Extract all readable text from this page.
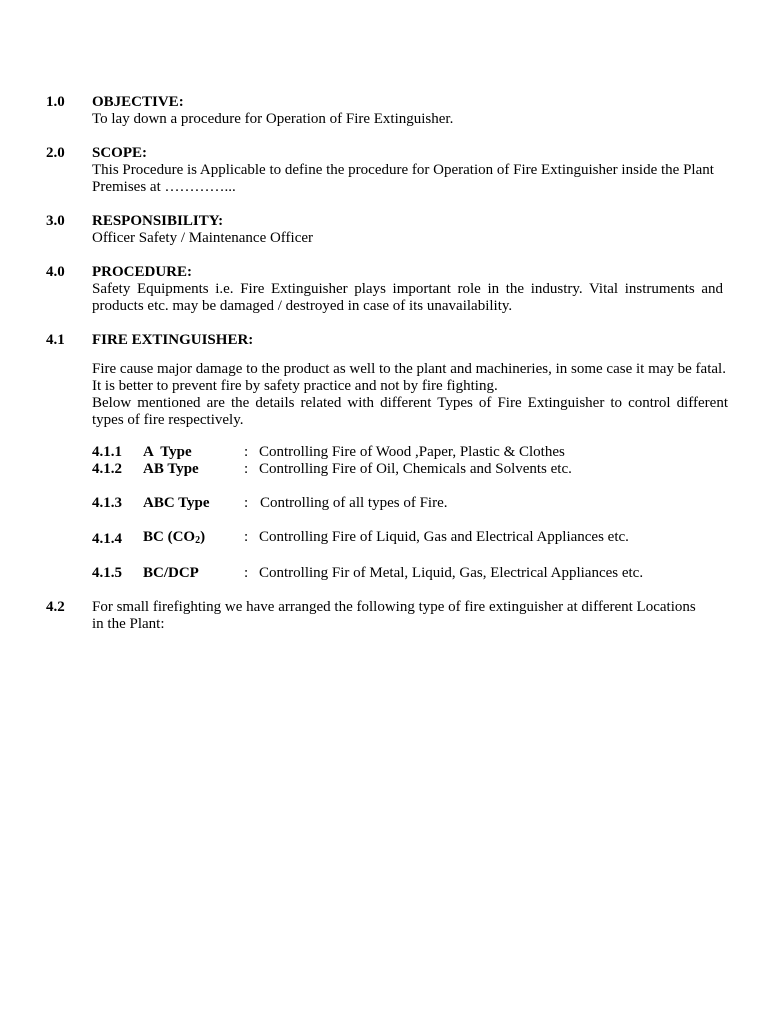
1.0 OBJECTIVE:
To lay down a procedure for Operation of Fire Extinguisher.
2.0 SCOPE:
This Procedure is Applicable to define the procedure for Operation of Fire Extinguisher inside the Plant Premises at …………...
3.0 RESPONSIBILITY:
Officer Safety / Maintenance Officer
4.0 PROCEDURE:
Safety Equipments i.e. Fire Extinguisher plays important role in the industry. Vital instruments and products etc. may be damaged / destroyed in case of its unavailability.
4.1 FIRE EXTINGUISHER:
Fire cause major damage to the product as well to the plant and machineries, in some case it may be fatal. It is better to prevent fire by safety practice and not by fire fighting.
Below mentioned are the details related with different Types of Fire Extinguisher to control different types of fire respectively.
4.1.1 A  Type	: Controlling Fire of Wood ,Paper, Plastic & Clothes
4.1.2 AB Type	: Controlling Fire of Oil, Chemicals and Solvents etc.
4.1.3 ABC Type : Controlling of all types of Fire.
4.1.4 BC $(CO_2)$	: Controlling Fire of Liquid, Gas and Electrical Appliances etc.
4.1.5 BC/DCP	: Controlling Fir of Metal, Liquid, Gas, Electrical Appliances etc.
4.2 For small firefighting we have arranged the following type of fire extinguisher at different Locations in the Plant:
